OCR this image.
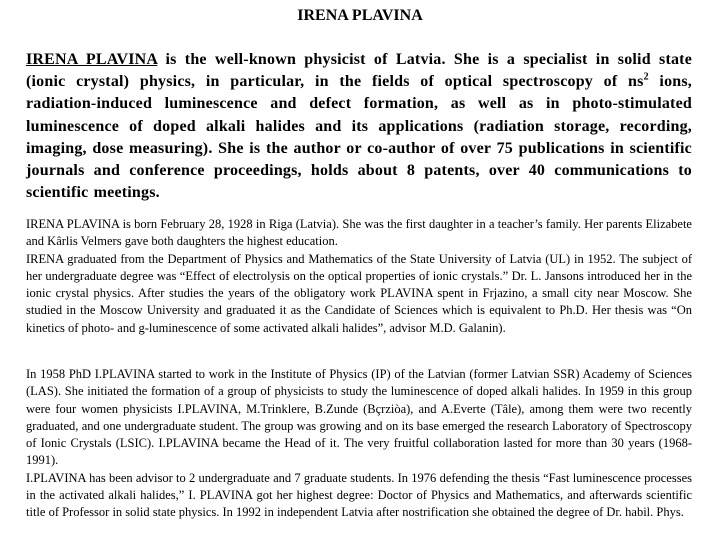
IRENA PLAVINA
IRENA PLAVINA is the well-known physicist of Latvia. She is a specialist in solid state (ionic crystal) physics, in particular, in the fields of optical spectroscopy of $ns^2$ ions, radiation-induced luminescence and defect formation, as well as in photo-stimulated luminescence of doped alkali halides and its applications (radiation storage, recording, imaging, dose measuring). She is the author or co-author of over 75 publications in scientific journals and conference proceedings, holds about 8 patents, over 40 communications to scientific meetings.

IRENA PLAVINA is born February 28, 1928 in Riga (Latvia). She was the first daughter in a teacher’s family. Her parents Elizabete and Kârlis Velmers gave both daughters the highest education.

IRENA graduated from the Department of Physics and Mathematics of the State University of Latvia (UL) in 1952. The subject of her undergraduate degree was “Effect of electrolysis on the optical properties of ionic crystals.” Dr. L. Jansons introduced her in the ionic crystal physics. After studies the years of the obligatory work PLAVINA spent in Frjazino, a small city near Moscow. She studied in the Moscow University and graduated it as the Candidate of Sciences which is equivalent to Ph.D. Her thesis was “On kinetics of photo- and g-luminescence of some activated alkali halides”, advisor M.D. Galanin).

In 1958 PhD I.PLAVINA started to work in the Institute of Physics (IP) of the Latvian (former Latvian SSR) Academy of Sciences (LAS). She initiated the formation of a group of physicists to study the luminescence of doped alkali halides. In 1959 in this group were four women physicists I.PLAVINA, M.Trinklere, B.Zunde (Bçrziòa), and A.Everte (Tâle), among them were two recently graduated, and one undergraduate student. The group was growing and on its base emerged the research Laboratory of Spectroscopy of Ionic Crystals (LSIC). I.PLAVINA became the Head of it. The very fruitful collaboration lasted for more than 30 years (1968-1991).

I.PLAVINA has been advisor to 2 undergraduate and 7 graduate students. In 1976 defending the thesis “Fast luminescence processes in the activated alkali halides,” I. PLAVINA got her highest degree: Doctor of Physics and Mathematics, and afterwards scientific title of Professor in solid state physics. In 1992 in independent Latvia after nostrification she obtained the degree of Dr. habil. Phys.
